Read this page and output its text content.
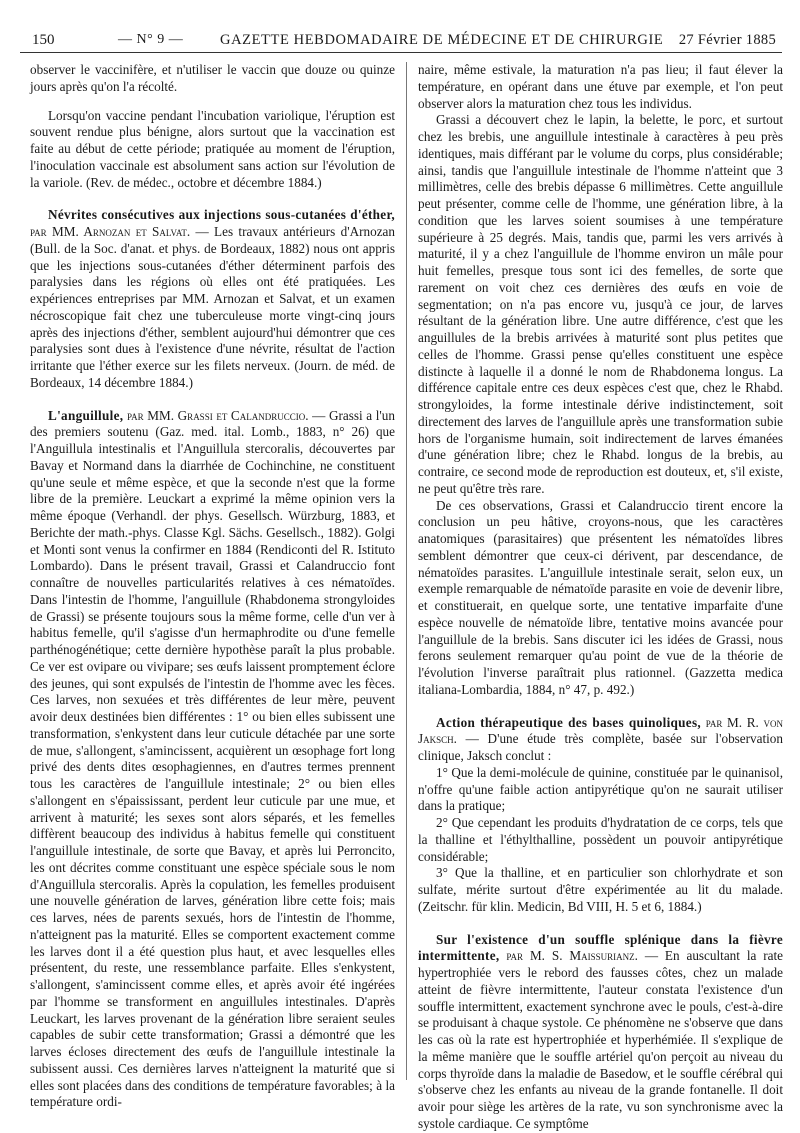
150	— N° 9 —	GAZETTE HEBDOMADAIRE DE MÉDECINE ET DE CHIRURGIE 27 Février 1885

observer le vaccinifère, et n'utiliser le vaccin que douze ou quinze jours après qu'on l'a récolté.

Lorsqu'on vaccine pendant l'incubation variolique, l'éruption est souvent rendue plus bénigne, alors surtout que la vaccination est faite au début de cette période; pratiquée au moment de l'éruption, l'inoculation vaccinale est absolument sans action sur l'évolution de la variole. (Rev. de médec., octobre et décembre 1884.)

Névrites consécutives aux injections sous-cutanées d'éther, par MM. Arnozan et Salvat. — Les travaux antérieurs d'Arnozan (Bull. de la Soc. d'anat. et phys. de Bordeaux, 1882) nous ont appris que les injections sous-cutanées d'éther déterminent parfois des paralysies dans les régions où elles ont été pratiquées. Les expériences entreprises par MM. Arnozan et Salvat, et un examen nécroscopique fait chez une tuberculeuse morte vingt-cinq jours après des injections d'éther, semblent aujourd'hui démontrer que ces paralysies sont dues à l'existence d'une névrite, résultat de l'action irritante que l'éther exerce sur les filets nerveux. (Journ. de méd. de Bordeaux, 14 décembre 1884.)

L'anguillule, par MM. Grassi et Calandruccio. — Grassi a l'un des premiers soutenu (Gaz. med. ital. Lomb., 1883, n° 26) que l'Anguillula intestinalis et l'Anguillula stercoralis, découvertes par Bavay et Normand dans la diarrhée de Cochinchine, ne constituent qu'une seule et même espèce, et que la seconde n'est que la forme libre de la première. Leuckart a exprimé la même opinion vers la même époque (Verhandl. der phys. Gesellsch. Würzburg, 1883, et Berichte der math.-phys. Classe Kgl. Sächs. Gesellsch., 1882). Golgi et Monti sont venus la confirmer en 1884 (Rendiconti del R. Istituto Lombardo). Dans le présent travail, Grassi et Calandruccio font connaître de nouvelles particularités relatives à ces nématoïdes. Dans l'intestin de l'homme, l'anguillule (Rhabdonema strongyloides de Grassi) se présente toujours sous la même forme, celle d'un ver à habitus femelle, qu'il s'agisse d'un hermaphrodite ou d'une femelle parthénogénétique; cette dernière hypothèse paraît la plus probable. Ce ver est ovipare ou vivipare; ses œufs laissent promptement éclore des jeunes, qui sont expulsés de l'intestin de l'homme avec les fèces. Ces larves, non sexuées et très différentes de leur mère, peuvent avoir deux destinées bien différentes : 1° ou bien elles subissent une transformation, s'enkystent dans leur cuticule détachée par une sorte de mue, s'allongent, s'amincissent, acquièrent un œsophage fort long privé des dents dites œsophagiennes, en d'autres termes prennent tous les caractères de l'anguillule intestinale; 2° ou bien elles s'allongent en s'épaississant, perdent leur cuticule par une mue, et arrivent à maturité; les sexes sont alors séparés, et les femelles diffèrent beaucoup des individus à habitus femelle qui constituent l'anguillule intestinale, de sorte que Bavay, et après lui Perroncito, les ont décrites comme constituant une espèce spéciale sous le nom d'Anguillula stercoralis. Après la copulation, les femelles produisent une nouvelle génération de larves, génération libre cette fois; mais ces larves, nées de parents sexués, hors de l'intestin de l'homme, n'atteignent pas la maturité. Elles se comportent exactement comme les larves dont il a été question plus haut, et avec lesquelles elles présentent, du reste, une ressemblance parfaite. Elles s'enkystent, s'allongent, s'amincissent comme elles, et après avoir été ingérées par l'homme se transforment en anguillules intestinales. D'après Leuckart, les larves provenant de la génération libre seraient seules capables de subir cette transformation; Grassi a démontré que les larves écloses directement des œufs de l'anguillule intestinale la subissent aussi. Ces dernières larves n'atteignent la maturité que si elles sont placées dans des conditions de température favorables; à la température ordi-

naire, même estivale, la maturation n'a pas lieu; il faut élever la température, en opérant dans une étuve par exemple, et l'on peut observer alors la maturation chez tous les individus.

Grassi a découvert chez le lapin, la belette, le porc, et surtout chez les brebis, une anguillule intestinale à caractères à peu près identiques, mais différant par le volume du corps, plus considérable; ainsi, tandis que l'anguillule intestinale de l'homme n'atteint que 3 millimètres, celle des brebis dépasse 6 millimètres. Cette anguillule peut présenter, comme celle de l'homme, une génération libre, à la condition que les larves soient soumises à une température supérieure à 25 degrés. Mais, tandis que, parmi les vers arrivés à maturité, il y a chez l'anguillule de l'homme environ un mâle pour huit femelles, presque tous sont ici des femelles, de sorte que rarement on voit chez ces dernières des œufs en voie de segmentation; on n'a pas encore vu, jusqu'à ce jour, de larves résultant de la génération libre. Une autre différence, c'est que les anguillules de la brebis arrivées à maturité sont plus petites que celles de l'homme. Grassi pense qu'elles constituent une espèce distincte à laquelle il a donné le nom de Rhabdonema longus. La différence capitale entre ces deux espèces c'est que, chez le Rhabd. strongyloides, la forme intestinale dérive indistinctement, soit directement des larves de l'anguillule après une transformation subie hors de l'organisme humain, soit indirectement de larves émanées d'une génération libre; chez le Rhabd. longus de la brebis, au contraire, ce second mode de reproduction est douteux, et, s'il existe, ne peut qu'être très rare.

De ces observations, Grassi et Calandruccio tirent encore la conclusion un peu hâtive, croyons-nous, que les caractères anatomiques (parasitaires) que présentent les nématoïdes libres semblent démontrer que ceux-ci dérivent, par descendance, de nématoïdes parasites. L'anguillule intestinale serait, selon eux, un exemple remarquable de nématoïde parasite en voie de devenir libre, et constituerait, en quelque sorte, une tentative imparfaite d'une espèce nouvelle de nématoïde libre, tentative moins avancée pour l'anguillule de la brebis. Sans discuter ici les idées de Grassi, nous ferons seulement remarquer qu'au point de vue de la théorie de l'évolution l'inverse paraîtrait plus rationnel. (Gazzetta medica italiana-Lombardia, 1884, n° 47, p. 492.)

Action thérapeutique des bases quinoliques, par M. R. von Jaksch. — D'une étude très complète, basée sur l'observation clinique, Jaksch conclut :

1° Que la demi-molécule de quinine, constituée par le quinanisol, n'offre qu'une faible action antipyrétique qu'on ne saurait utiliser dans la pratique;

2° Que cependant les produits d'hydratation de ce corps, tels que la thalline et l'éthylthalline, possèdent un pouvoir antipyrétique considérable;

3° Que la thalline, et en particulier son chlorhydrate et son sulfate, mérite surtout d'être expérimentée au lit du malade. (Zeitschr. für klin. Medicin, Bd VIII, H. 5 et 6, 1884.)

Sur l'existence d'un souffle splénique dans la fièvre intermittente, par M. S. Maissurianz. — En auscultant la rate hypertrophiée vers le rebord des fausses côtes, chez un malade atteint de fièvre intermittente, l'auteur constata l'existence d'un souffle intermittent, exactement synchrone avec le pouls, c'est-à-dire se produisant à chaque systole. Ce phénomène ne s'observe que dans les cas où la rate est hypertrophiée et hyperhémiée. Il s'explique de la même manière que le souffle artériel qu'on perçoit au niveau du corps thyroïde dans la maladie de Basedow, et le souffle cérébral qui s'observe chez les enfants au niveau de la grande fontanelle. Il doit avoir pour siège les artères de la rate, vu son synchronisme avec la systole cardiaque. Ce symptôme
